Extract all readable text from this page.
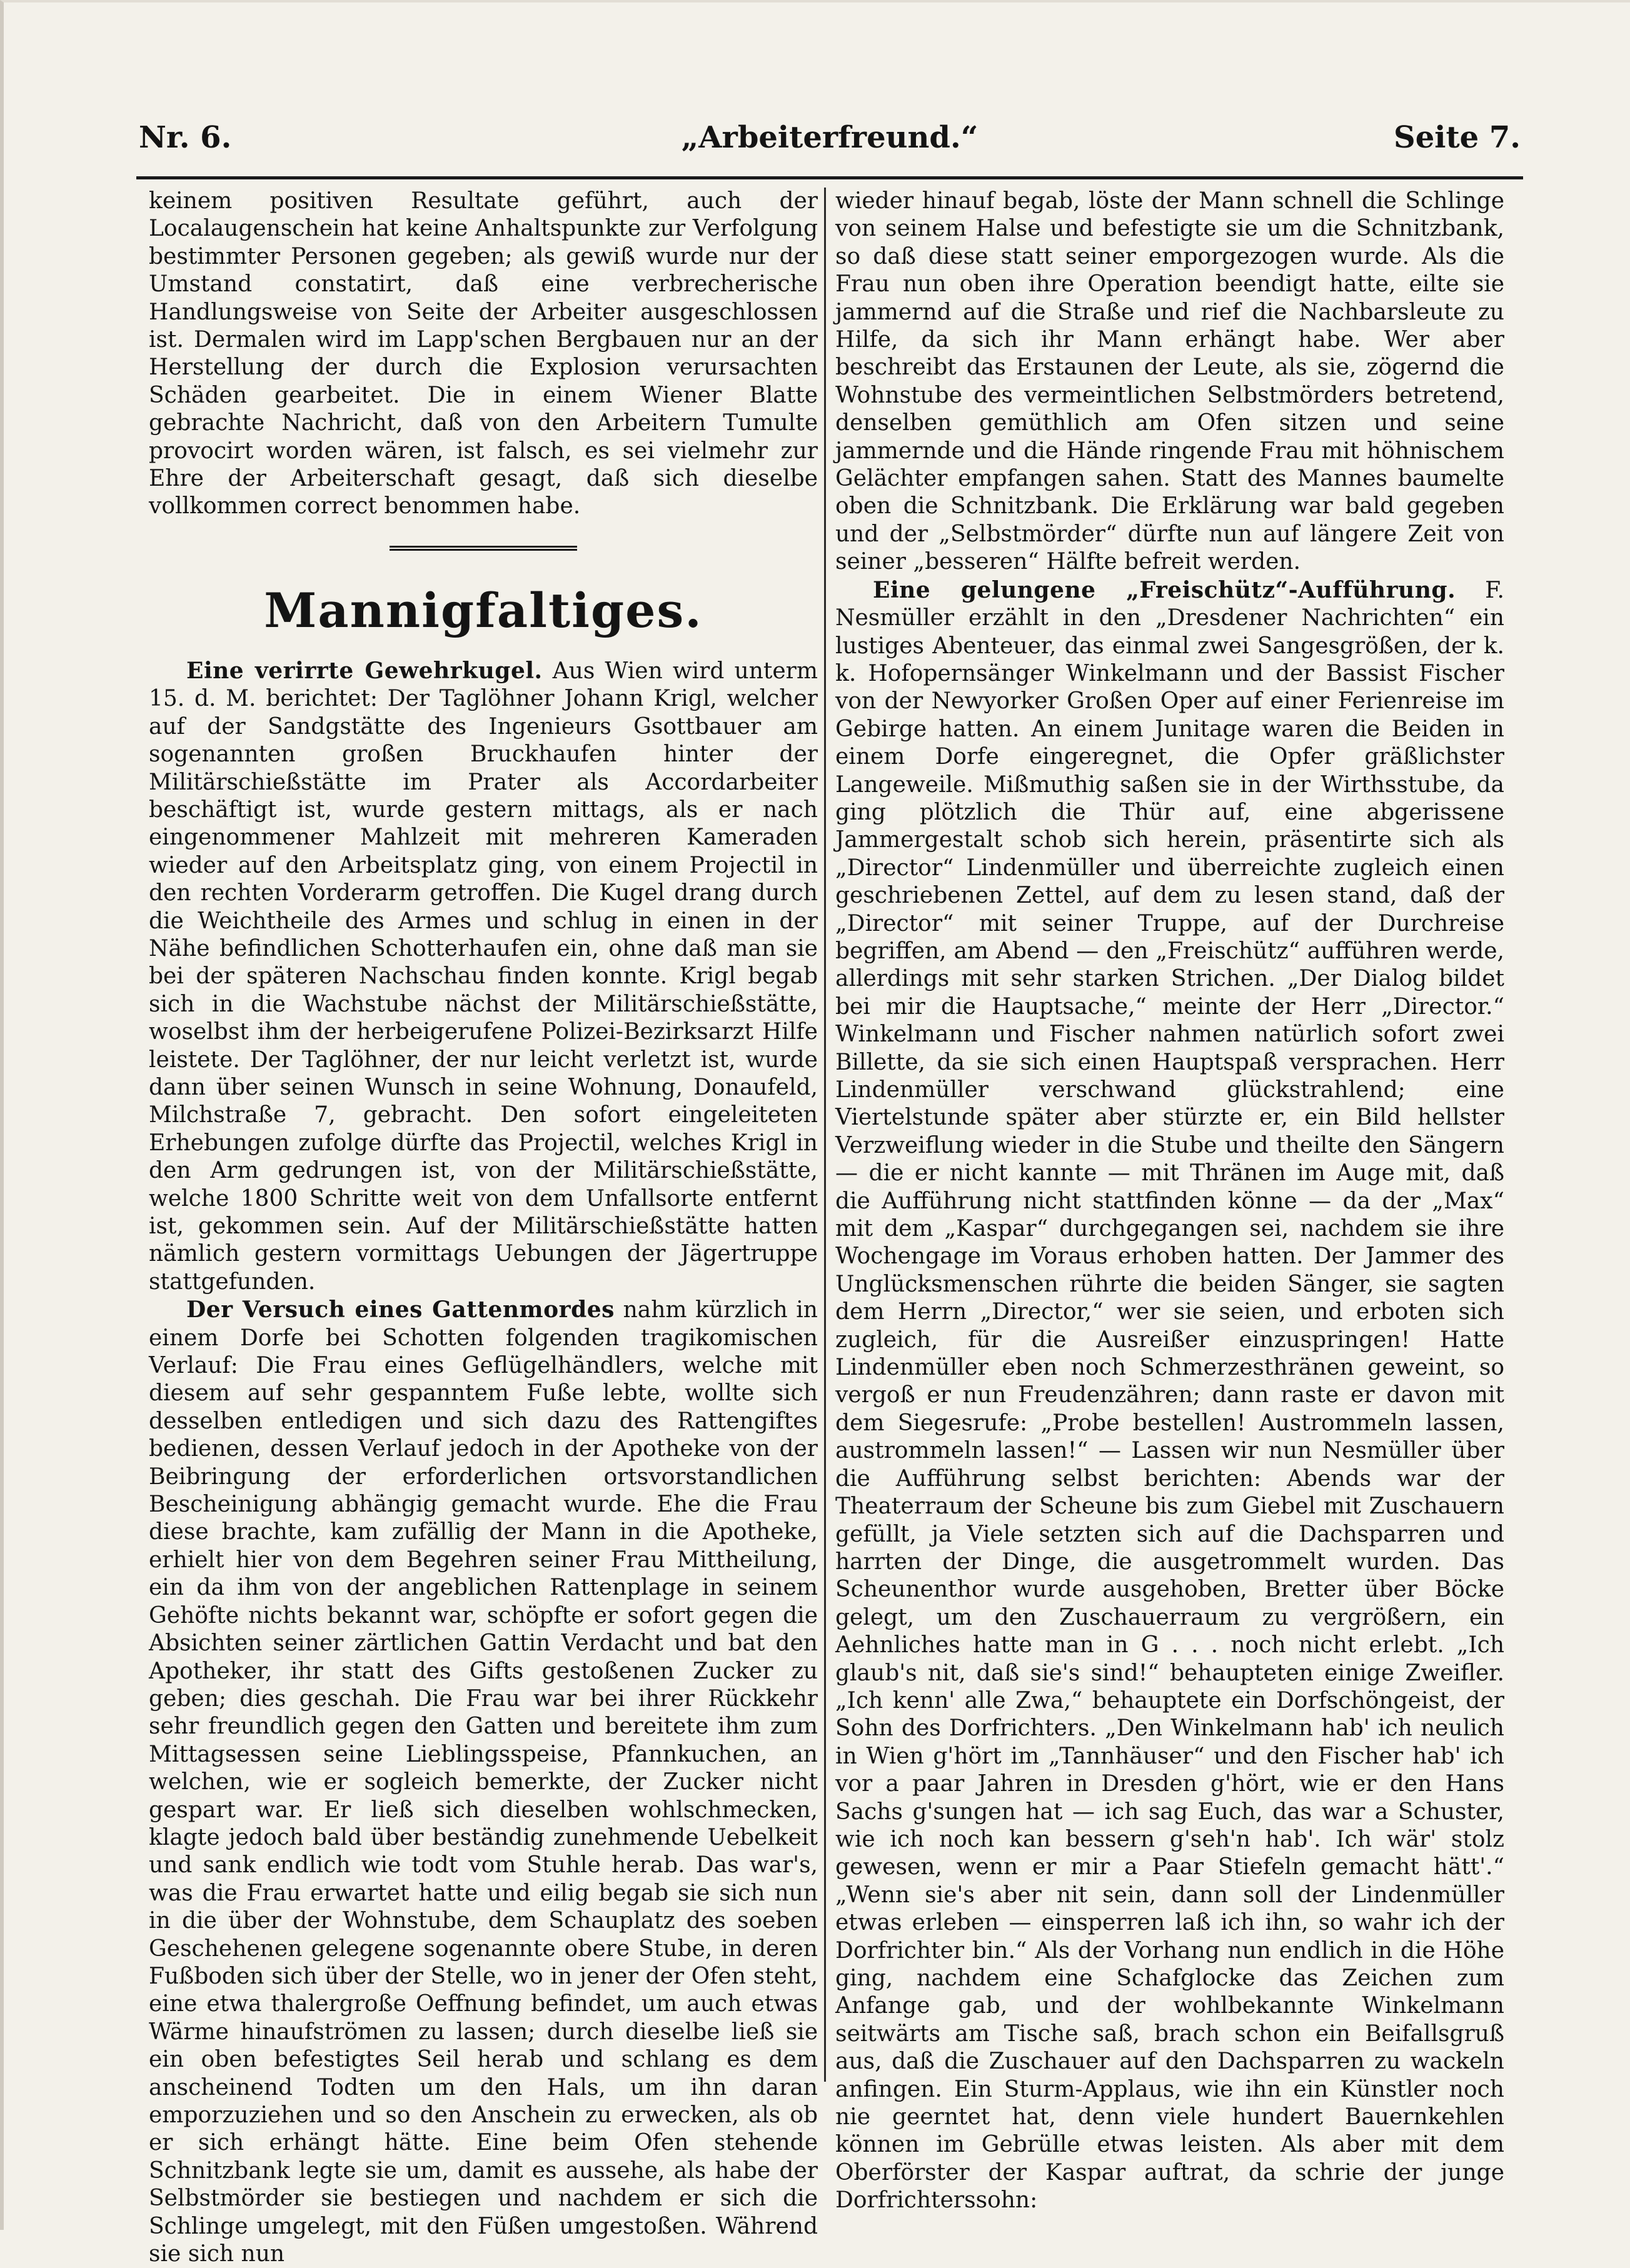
„Arbeiterfreund.“
Nr. 6.	Seite 7.

keinem positiven Resultate geführt, auch der Localaugenschein hat keine Anhaltspunkte zur Verfolgung bestimmter Personen gegeben; als gewiß wurde nur der Umstand constatirt, daß eine verbrecherische Handlungsweise von Seite der Arbeiter ausgeschlossen ist. Dermalen wird im Lapp'schen Bergbauen nur an der Herstellung der durch die Explosion verursachten Schäden gearbeitet. Die in einem Wiener Blatte gebrachte Nachricht, daß von den Arbeitern Tumulte provocirt worden wären, ist falsch, es sei vielmehr zur Ehre der Arbeiterschaft gesagt, daß sich dieselbe vollkommen correct benommen habe.

Mannigfaltiges.

Eine verirrte Gewehrkugel. Aus Wien wird unterm 15. d. M. berichtet: Der Taglöhner Johann Krigl, welcher auf der Sandgstätte des Ingenieurs Gsottbauer am sogenannten großen Bruckhaufen hinter der Militärschießstätte im Prater als Accordarbeiter beschäftigt ist, wurde gestern mittags, als er nach eingenommener Mahlzeit mit mehreren Kameraden wieder auf den Arbeitsplatz ging, von einem Projectil in den rechten Vorderarm getroffen. Die Kugel drang durch die Weichtheile des Armes und schlug in einen in der Nähe befindlichen Schotterhaufen ein, ohne daß man sie bei der späteren Nachschau finden konnte. Krigl begab sich in die Wachstube nächst der Militärschießstätte, woselbst ihm der herbeigerufene Polizei-Bezirksarzt Hilfe leistete. Der Taglöhner, der nur leicht verletzt ist, wurde dann über seinen Wunsch in seine Wohnung, Donaufeld, Milchstraße 7, gebracht. Den sofort eingeleiteten Erhebungen zufolge dürfte das Projectil, welches Krigl in den Arm gedrungen ist, von der Militärschießstätte, welche 1800 Schritte weit von dem Unfallsorte entfernt ist, gekommen sein. Auf der Militärschießstätte hatten nämlich gestern vormittags Uebungen der Jägertruppe stattgefunden.

Der Versuch eines Gattenmordes nahm kürzlich in einem Dorfe bei Schotten folgenden tragikomischen Verlauf: Die Frau eines Geflügelhändlers, welche mit diesem auf sehr gespanntem Fuße lebte, wollte sich desselben entledigen und sich dazu des Rattengiftes bedienen, dessen Verlauf jedoch in der Apotheke von der Beibringung der erforderlichen ortsvorstandlichen Bescheinigung abhängig gemacht wurde. Ehe die Frau diese brachte, kam zufällig der Mann in die Apotheke, erhielt hier von dem Begehren seiner Frau Mittheilung, ein da ihm von der angeblichen Rattenplage in seinem Gehöfte nichts bekannt war, schöpfte er sofort gegen die Absichten seiner zärtlichen Gattin Verdacht und bat den Apotheker, ihr statt des Gifts gestoßenen Zucker zu geben; dies geschah. Die Frau war bei ihrer Rückkehr sehr freundlich gegen den Gatten und bereitete ihm zum Mittagsessen seine Lieblingsspeise, Pfannkuchen, an welchen, wie er sogleich bemerkte, der Zucker nicht gespart war. Er ließ sich dieselben wohlschmecken, klagte jedoch bald über beständig zunehmende Uebelkeit und sank endlich wie todt vom Stuhle herab. Das war's, was die Frau erwartet hatte und eilig begab sie sich nun in die über der Wohnstube, dem Schauplatz des soeben Geschehenen gelegene sogenannte obere Stube, in deren Fußboden sich über der Stelle, wo in jener der Ofen steht, eine etwa thalergroße Oeffnung befindet, um auch etwas Wärme hinaufströmen zu lassen; durch dieselbe ließ sie ein oben befestigtes Seil herab und schlang es dem anscheinend Todten um den Hals, um ihn daran emporzuziehen und so den Anschein zu erwecken, als ob er sich erhängt hätte. Eine beim Ofen stehende Schnitzbank legte sie um, damit es aussehe, als habe der Selbstmörder sie bestiegen und nachdem er sich die Schlinge umgelegt, mit den Füßen umgestoßen. Während sie sich nun

wieder hinauf begab, löste der Mann schnell die Schlinge von seinem Halse und befestigte sie um die Schnitzbank, so daß diese statt seiner emporgezogen wurde. Als die Frau nun oben ihre Operation beendigt hatte, eilte sie jammernd auf die Straße und rief die Nachbarsleute zu Hilfe, da sich ihr Mann erhängt habe. Wer aber beschreibt das Erstaunen der Leute, als sie, zögernd die Wohnstube des vermeintlichen Selbstmörders betretend, denselben gemüthlich am Ofen sitzen und seine jammernde und die Hände ringende Frau mit höhnischem Gelächter empfangen sahen. Statt des Mannes baumelte oben die Schnitzbank. Die Erklärung war bald gegeben und der „Selbstmörder“ dürfte nun auf längere Zeit von seiner „besseren“ Hälfte befreit werden.

Eine gelungene „Freischütz“-Aufführung. F. Nesmüller erzählt in den „Dresdener Nachrichten“ ein lustiges Abenteuer, das einmal zwei Sangesgrößen, der k. k. Hofopernsänger Winkelmann und der Bassist Fischer von der Newyorker Großen Oper auf einer Ferienreise im Gebirge hatten. An einem Junitage waren die Beiden in einem Dorfe eingeregnet, die Opfer gräßlichster Langeweile. Mißmuthig saßen sie in der Wirthsstube, da ging plötzlich die Thür auf, eine abgerissene Jammergestalt schob sich herein, präsentirte sich als „Director“ Lindenmüller und überreichte zugleich einen geschriebenen Zettel, auf dem zu lesen stand, daß der „Director“ mit seiner Truppe, auf der Durchreise begriffen, am Abend — den „Freischütz“ aufführen werde, allerdings mit sehr starken Strichen. „Der Dialog bildet bei mir die Hauptsache,“ meinte der Herr „Director.“ Winkelmann und Fischer nahmen natürlich sofort zwei Billette, da sie sich einen Hauptspaß versprachen. Herr Lindenmüller verschwand glückstrahlend; eine Viertelstunde später aber stürzte er, ein Bild hellster Verzweiflung wieder in die Stube und theilte den Sängern — die er nicht kannte — mit Thränen im Auge mit, daß die Aufführung nicht stattfinden könne — da der „Max“ mit dem „Kaspar“ durchgegangen sei, nachdem sie ihre Wochengage im Voraus erhoben hatten. Der Jammer des Unglücksmenschen rührte die beiden Sänger, sie sagten dem Herrn „Director,“ wer sie seien, und erboten sich zugleich, für die Ausreißer einzuspringen! Hatte Lindenmüller eben noch Schmerzesthränen geweint, so vergoß er nun Freudenzähren; dann raste er davon mit dem Siegesrufe: „Probe bestellen! Austrommeln lassen, austrommeln lassen!“ — Lassen wir nun Nesmüller über die Aufführung selbst berichten: Abends war der Theaterraum der Scheune bis zum Giebel mit Zuschauern gefüllt, ja Viele setzten sich auf die Dachsparren und harrten der Dinge, die ausgetrommelt wurden. Das Scheunenthor wurde ausgehoben, Bretter über Böcke gelegt, um den Zuschauerraum zu vergrößern, ein Aehnliches hatte man in G . . . noch nicht erlebt. „Ich glaub's nit, daß sie's sind!“ behaupteten einige Zweifler. „Ich kenn' alle Zwa,“ behauptete ein Dorfschöngeist, der Sohn des Dorfrichters. „Den Winkelmann hab' ich neulich in Wien g'hört im „Tannhäuser“ und den Fischer hab' ich vor a paar Jahren in Dresden g'hört, wie er den Hans Sachs g'sungen hat — ich sag Euch, das war a Schuster, wie ich noch kan bessern g'seh'n hab'. Ich wär' stolz gewesen, wenn er mir a Paar Stiefeln gemacht hätt'.“ „Wenn sie's aber nit sein, dann soll der Lindenmüller etwas erleben — einsperren laß ich ihn, so wahr ich der Dorfrichter bin.“ Als der Vorhang nun endlich in die Höhe ging, nachdem eine Schafglocke das Zeichen zum Anfange gab, und der wohlbekannte Winkelmann seitwärts am Tische saß, brach schon ein Beifallsgruß aus, daß die Zuschauer auf den Dachsparren zu wackeln anfingen. Ein Sturm-Applaus, wie ihn ein Künstler noch nie geerntet hat, denn viele hundert Bauernkehlen können im Gebrülle etwas leisten. Als aber mit dem Oberförster der Kaspar auftrat, da schrie der junge Dorfrichterssohn:
